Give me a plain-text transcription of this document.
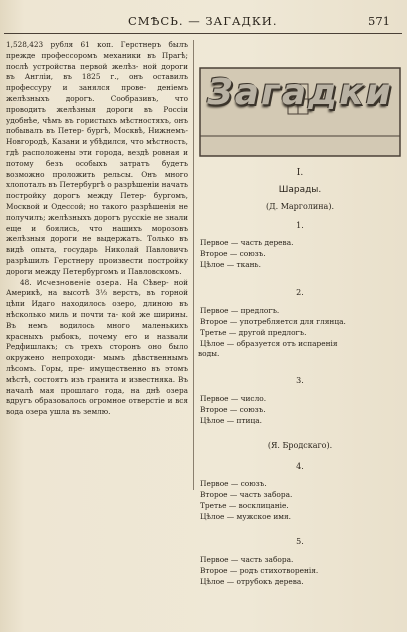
СМѢСЬ. — ЗАГАДКИ.	571

1,528,423 рубля 61 коп. Герстнеръ былъ прежде профессоромъ механики въ Прагѣ; послѣ устройства первой желѣз- ной дороги въ Англіи, въ 1825 г., онъ оставилъ профессуру и занялся прове- деніемъ желѣзныхъ дорогъ. Сообразивъ, что проводить желѣзныя дороги въ Россіи удобнѣе, чѣмъ въ гористыхъ мѣстностяхъ, онъ побывалъ въ Петер- бургѣ, Москвѣ, Нижнемъ-Новгородѣ, Казани и убѣдился, что мѣстность, гдѣ расположены эти города, вездѣ ровная и потому безъ особыхъ затратъ будетъ возможно проложить рельсы. Онъ много хлопоталъ въ Петербургѣ о разрѣшеніи начать постройку дорогъ между Петер- бургомъ, Москвой и Одессой; но такого разрѣшенія не получилъ; желѣзныхъ дорогъ русскіе не знали еще и боялись, что нашихъ морозовъ желѣзныя дороги не выдержатъ. Только въ видѣ опыта, государь Николай Павловичъ разрѣшилъ Герстнеру произвести постройку дороги между Петербургомъ и Павловскомъ.

48. Исчезновеніе озера. На Сѣвер- ной Америкѣ, на высотѣ 3⅓ верстъ, въ горной цѣпи Идаго находилось озеро, длиною въ нѣсколько миль и почти та- кой же ширины. Въ немъ водилось много маленькихъ красныхъ рыбокъ, почему его и назвали Редфишлакъ; съ трехъ сторонъ оно было окружено непроходи- мымъ дѣвственнымъ лѣсомъ. Горы, пре- имущественно въ этомъ мѣстѣ, состоятъ изъ гранита и известняка. Въ началѣ мая прошлаго года, на днѣ озера вдругъ образовалось огромное отверстіе и вся вода озера ушла въ землю.

Загадки
I.
Шарады.
(Д. Марголина).
1.
Первое — часть дерева.
Второе — союзъ.
Цѣлое — ткань.
2.
Первое — предлогъ.
Второе — употребляется для глянца.
Третье — другой предлогъ.
Цѣлое — образуется отъ испаренія
воды.
3.
Первое — число.
Второе — союзъ.
Цѣлое — птица.
(Я. Бродскаго).
4.
Первое — союзъ.
Второе — часть забора.
Третье — восклицаніе.
Цѣлое — мужское имя.
5.
Первое — часть забора.
Второе — родъ стихотворенія.
Цѣлое — отрубокъ дерева.
